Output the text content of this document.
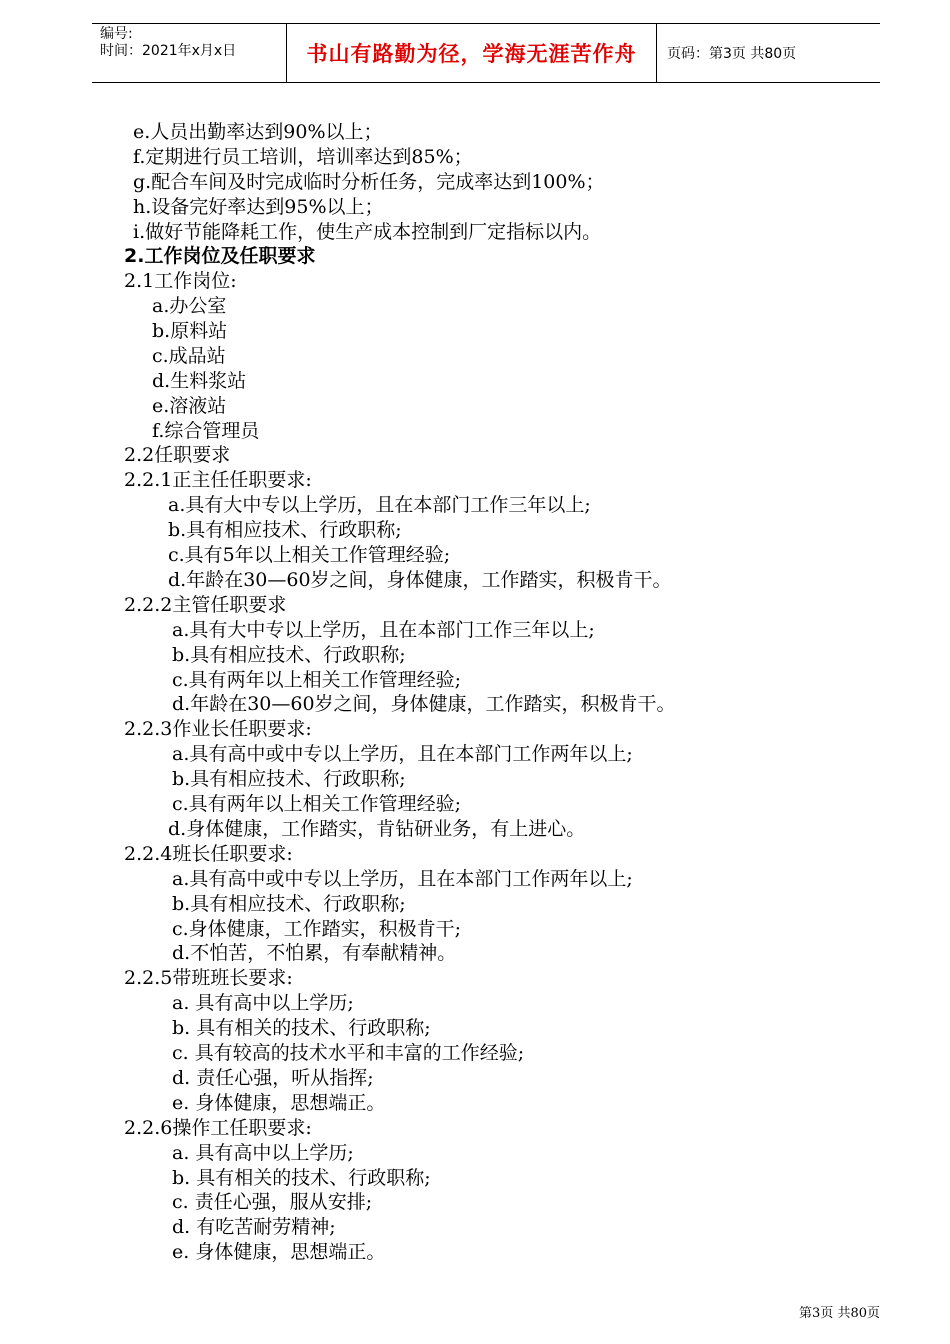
编号:
时间：2021年x月x日	书山有路勤为径，学海无涯苦作舟	页码：第3页 共80页
e.人员出勤率达到90%以上；
f.定期进行员工培训，培训率达到85%；
g.配合车间及时完成临时分析任务，完成率达到100%；
h.设备完好率达到95%以上；
i.做好节能降耗工作，使生产成本控制到厂定指标以内。
2.工作岗位及任职要求
2.1工作岗位:
a.办公室
b.原料站
c.成品站
d.生料浆站
e.溶液站
f.综合管理员
2.2任职要求
2.2.1正主任任职要求:
a.具有大中专以上学历，且在本部门工作三年以上;
b.具有相应技术、行政职称;
c.具有5年以上相关工作管理经验;
d.年龄在30—60岁之间，身体健康，工作踏实，积极肯干。
2.2.2主管任职要求
a.具有大中专以上学历，且在本部门工作三年以上;
b.具有相应技术、行政职称;
c.具有两年以上相关工作管理经验;
d.年龄在30—60岁之间，身体健康，工作踏实，积极肯干。
2.2.3作业长任职要求:
a.具有高中或中专以上学历，且在本部门工作两年以上;
b.具有相应技术、行政职称;
c.具有两年以上相关工作管理经验;
d.身体健康，工作踏实，肯钻研业务，有上进心。
2.2.4班长任职要求:
a.具有高中或中专以上学历，且在本部门工作两年以上;
b.具有相应技术、行政职称;
c.身体健康，工作踏实，积极肯干;
d.不怕苦，不怕累，有奉献精神。
2.2.5带班班长要求:
a. 具有高中以上学历;
b. 具有相关的技术、行政职称;
c. 具有较高的技术水平和丰富的工作经验;
d. 责任心强，听从指挥;
e. 身体健康，思想端正。
2.2.6操作工任职要求:
a. 具有高中以上学历;
b. 具有相关的技术、行政职称;
c. 责任心强，服从安排;
d. 有吃苦耐劳精神;
e. 身体健康，思想端正。
第3页 共80页
